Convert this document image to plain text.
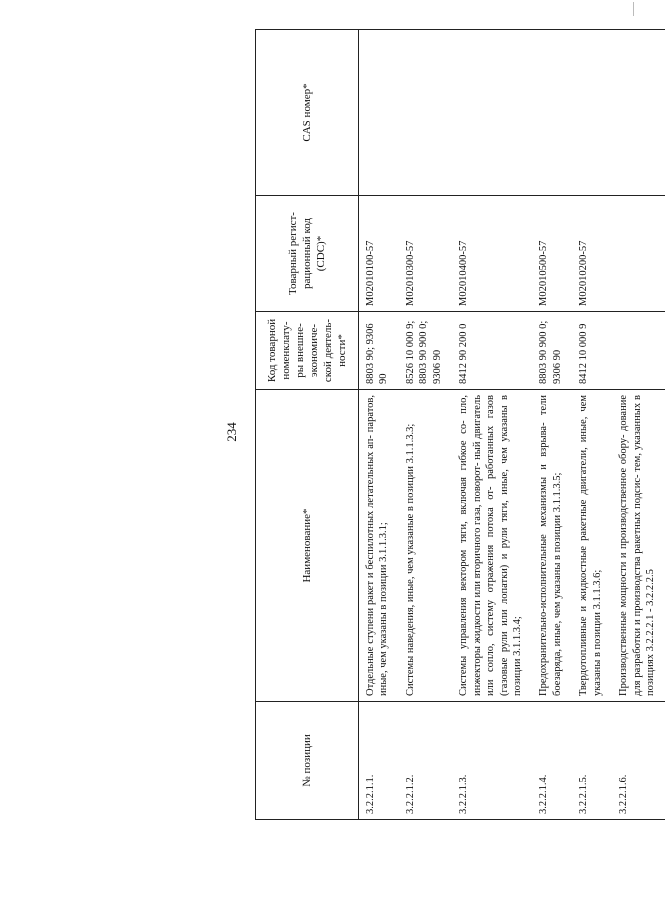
234
№ позиции	Наименование*	Код товарной номенклату- ры внешне- экономиче- ской деятель- ности*	Товарный регист- рационный код (CDC)*	CAS номер*
3.2.2.1.1.	Отдельные ступени ракет и беспилотных летательных ап- паратов, иные, чем указаны в позиции 3.1.1.3.1;	8803 90; 9306 90	M02010100-57	
3.2.2.1.2.	Системы наведения, иные, чем указаные в позиции 3.1.1.3.3;	8526 10 000 9; 8803 90 900 0; 9306 90	M02010300-57	
3.2.2.1.3.	Системы управления вектором тяги, включая гибкое со- пло, инжекторы жидкости или вторичного газа, поворот- ный двигатель или сопло, систему отражения потока от- работанных газов (газовые рули или лопатки) и рули тяги, иные, чем указаны в позиции 3.1.1.3.4;	8412 90 200 0	M02010400-57	
3.2.2.1.4.	Предохранительно-исполнительные механизмы и взрыва- тели боезаряда, иные, чем указаны в позиции 3.1.1.3.5;	8803 90 900 0; 9306 90	M02010500-57	
3.2.2.1.5.	Твердотопливные и жидкостные ракетные двигатели, иные, чем указаны в позиции 3.1.1.3.6;	8412 10 000 9	M02010200-57	
3.2.2.1.6.	Производственные мощности и производственное обору- дование для разработки и производства ракетных подсис- тем, указанных в позициях 3.2.2.2.1 - 3.2.2.2.5			
